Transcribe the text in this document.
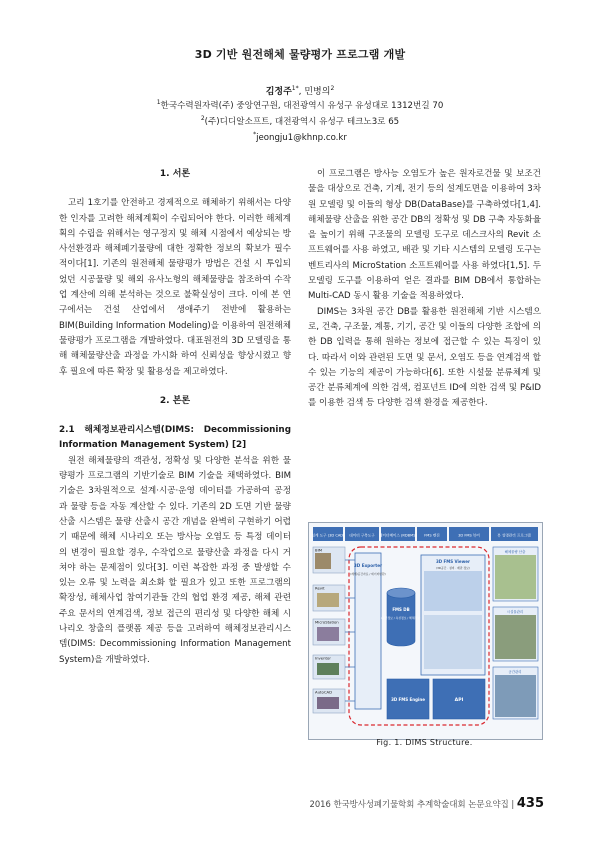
3D 기반 원전해체 물량평가 프로그램 개발
김정주$^{1*}$, 민병의$^2$
$^1$한국수력원자력(주) 중앙연구원, 대전광역시 유성구 유성대로 1312번길 70
$^2$(주)디디알소프트, 대전광역시 유성구 테크노3로 65
*jeongju1@khnp.co.kr
1. 서론

고리 1호기를 안전하고 경제적으로 해체하기 위해서는 다양한 인자를 고려한 해체계획이 수립되어야 한다. 이러한 해체계획의 수립을 위해서는 영구정지 및 해체 시점에서 예상되는 방사선환경과 해체폐기물량에 대한 정확한 정보의 확보가 필수적이다[1]. 기존의 원전해체 물량평가 방법은 건설 시 투입되었던 시공물량 및 해외 유사노형의 해체물량을 참조하여 수작업 계산에 의해 분석하는 것으로 불확실성이 크다. 이에 본 연구에서는 건설 산업에서 생애주기 전반에 활용하는 BIM(Building Information Modeling)을 이용하여 원전해체 물량평가 프로그램을 개발하였다. 대표원전의 3D 모델링을 통해 해체물량산출 과정을 가시화 하여 신뢰성을 향상시켰고 향후 필요에 따른 확장 및 활용성을 제고하였다.

2. 본론
2.1 해체정보관리시스템(DIMS: Decommissioning Information Management System) [2]

원전 해체물량의 객관성, 정확성 및 다양한 분석을 위한 물량평가 프로그램의 기반기술로 BIM 기술을 채택하였다. BIM 기술은 3차원적으로 설계·시공·운영 데이터를 가공하여 공정과 물량 등을 자동 계산할 수 있다. 기존의 2D 도면 기반 물량산출 시스템은 물량 산출시 공간 개념을 완벽히 구현하기 어렵기 때문에 해체 시나리오 또는 방사능 오염도 등 특정 데이터의 변경이 필요할 경우, 수작업으로 물량산출 과정을 다시 거쳐야 하는 문제점이 있다[3]. 이런 복잡한 과정 중 발생할 수 있는 오류 및 노력을 최소화 할 필요가 있고 또한 프로그램의 확장성, 해체사업 참여기관들 간의 협업 환경 제공, 해체 관련 주요 문서의 연계검색, 정보 접근의 편리성 및 다양한 해체 시나리오 창출의 플랫폼 제공 등을 고려하여 해체정보관리시스템(DIMS: Decommissioning Information Management System)을 개발하였다.

이 프로그램은 방사능 오염도가 높은 원자로건물 및 보조건물을 대상으로 건축, 기계, 전기 등의 설계도면을 이용하여 3차원 모델링 및 이들의 형상 DB(DataBase)를 구축하였다[1,4]. 해체물량 산출을 위한 공간 DB의 정확성 및 DB 구축 자동화율을 높이기 위해 구조물의 모델링 도구로 데스크사의 Revit 소프트웨어를 사용 하였고, 배관 및 기타 시스템의 모델링 도구는 벤트리사의 MicroStation 소프트웨어를 사용 하였다[1,5]. 두 모델링 도구를 이용하여 얻은 결과를 BIM DB에서 통합하는 Multi-CAD 동시 활용 기술을 적용하였다.

DIMS는 3차원 공간 DB를 활용한 원전해체 기반 시스템으로, 건축, 구조물, 계통, 기기, 공간 및 이들의 다양한 조합에 의한 DB 입력을 통해 원하는 정보에 접근할 수 있는 특징이 있다. 따라서 이와 관련된 도면 및 문서, 오염도 등을 연계검색 할 수 있는 기능의 제공이 가능하다[6]. 또한 시설물 분류체계 및 공간 분류체계에 의한 검색, 컴포넌트 ID에 의한 검색 및 P&ID를 이용한 검색 등 다양한 검색 환경을 제공한다.

설계 도구 (3D CAD) 데이터 구축도구 데이터베이스 (RDBMS) FMS 엔진	3D FMS 뷰어	뷰 설명관리 프로그램
BIM
Revit
MicroStation
Inventor
AutoCAD
3D Exporter
(레벨/공간자료 / 데이터변환)
FMS DB
(공간정보 / 속성정보 / 해체정보)
3D FMS Viewer
(3D공간 · 설비 · 배관 정보)
3D FMS Engine	API
해체물량 산출
시설물관리
공간관리
Fig. 1. DIMS Structure.
2016 한국방사성폐기물학회 추계학술대회 논문요약집 | 435
